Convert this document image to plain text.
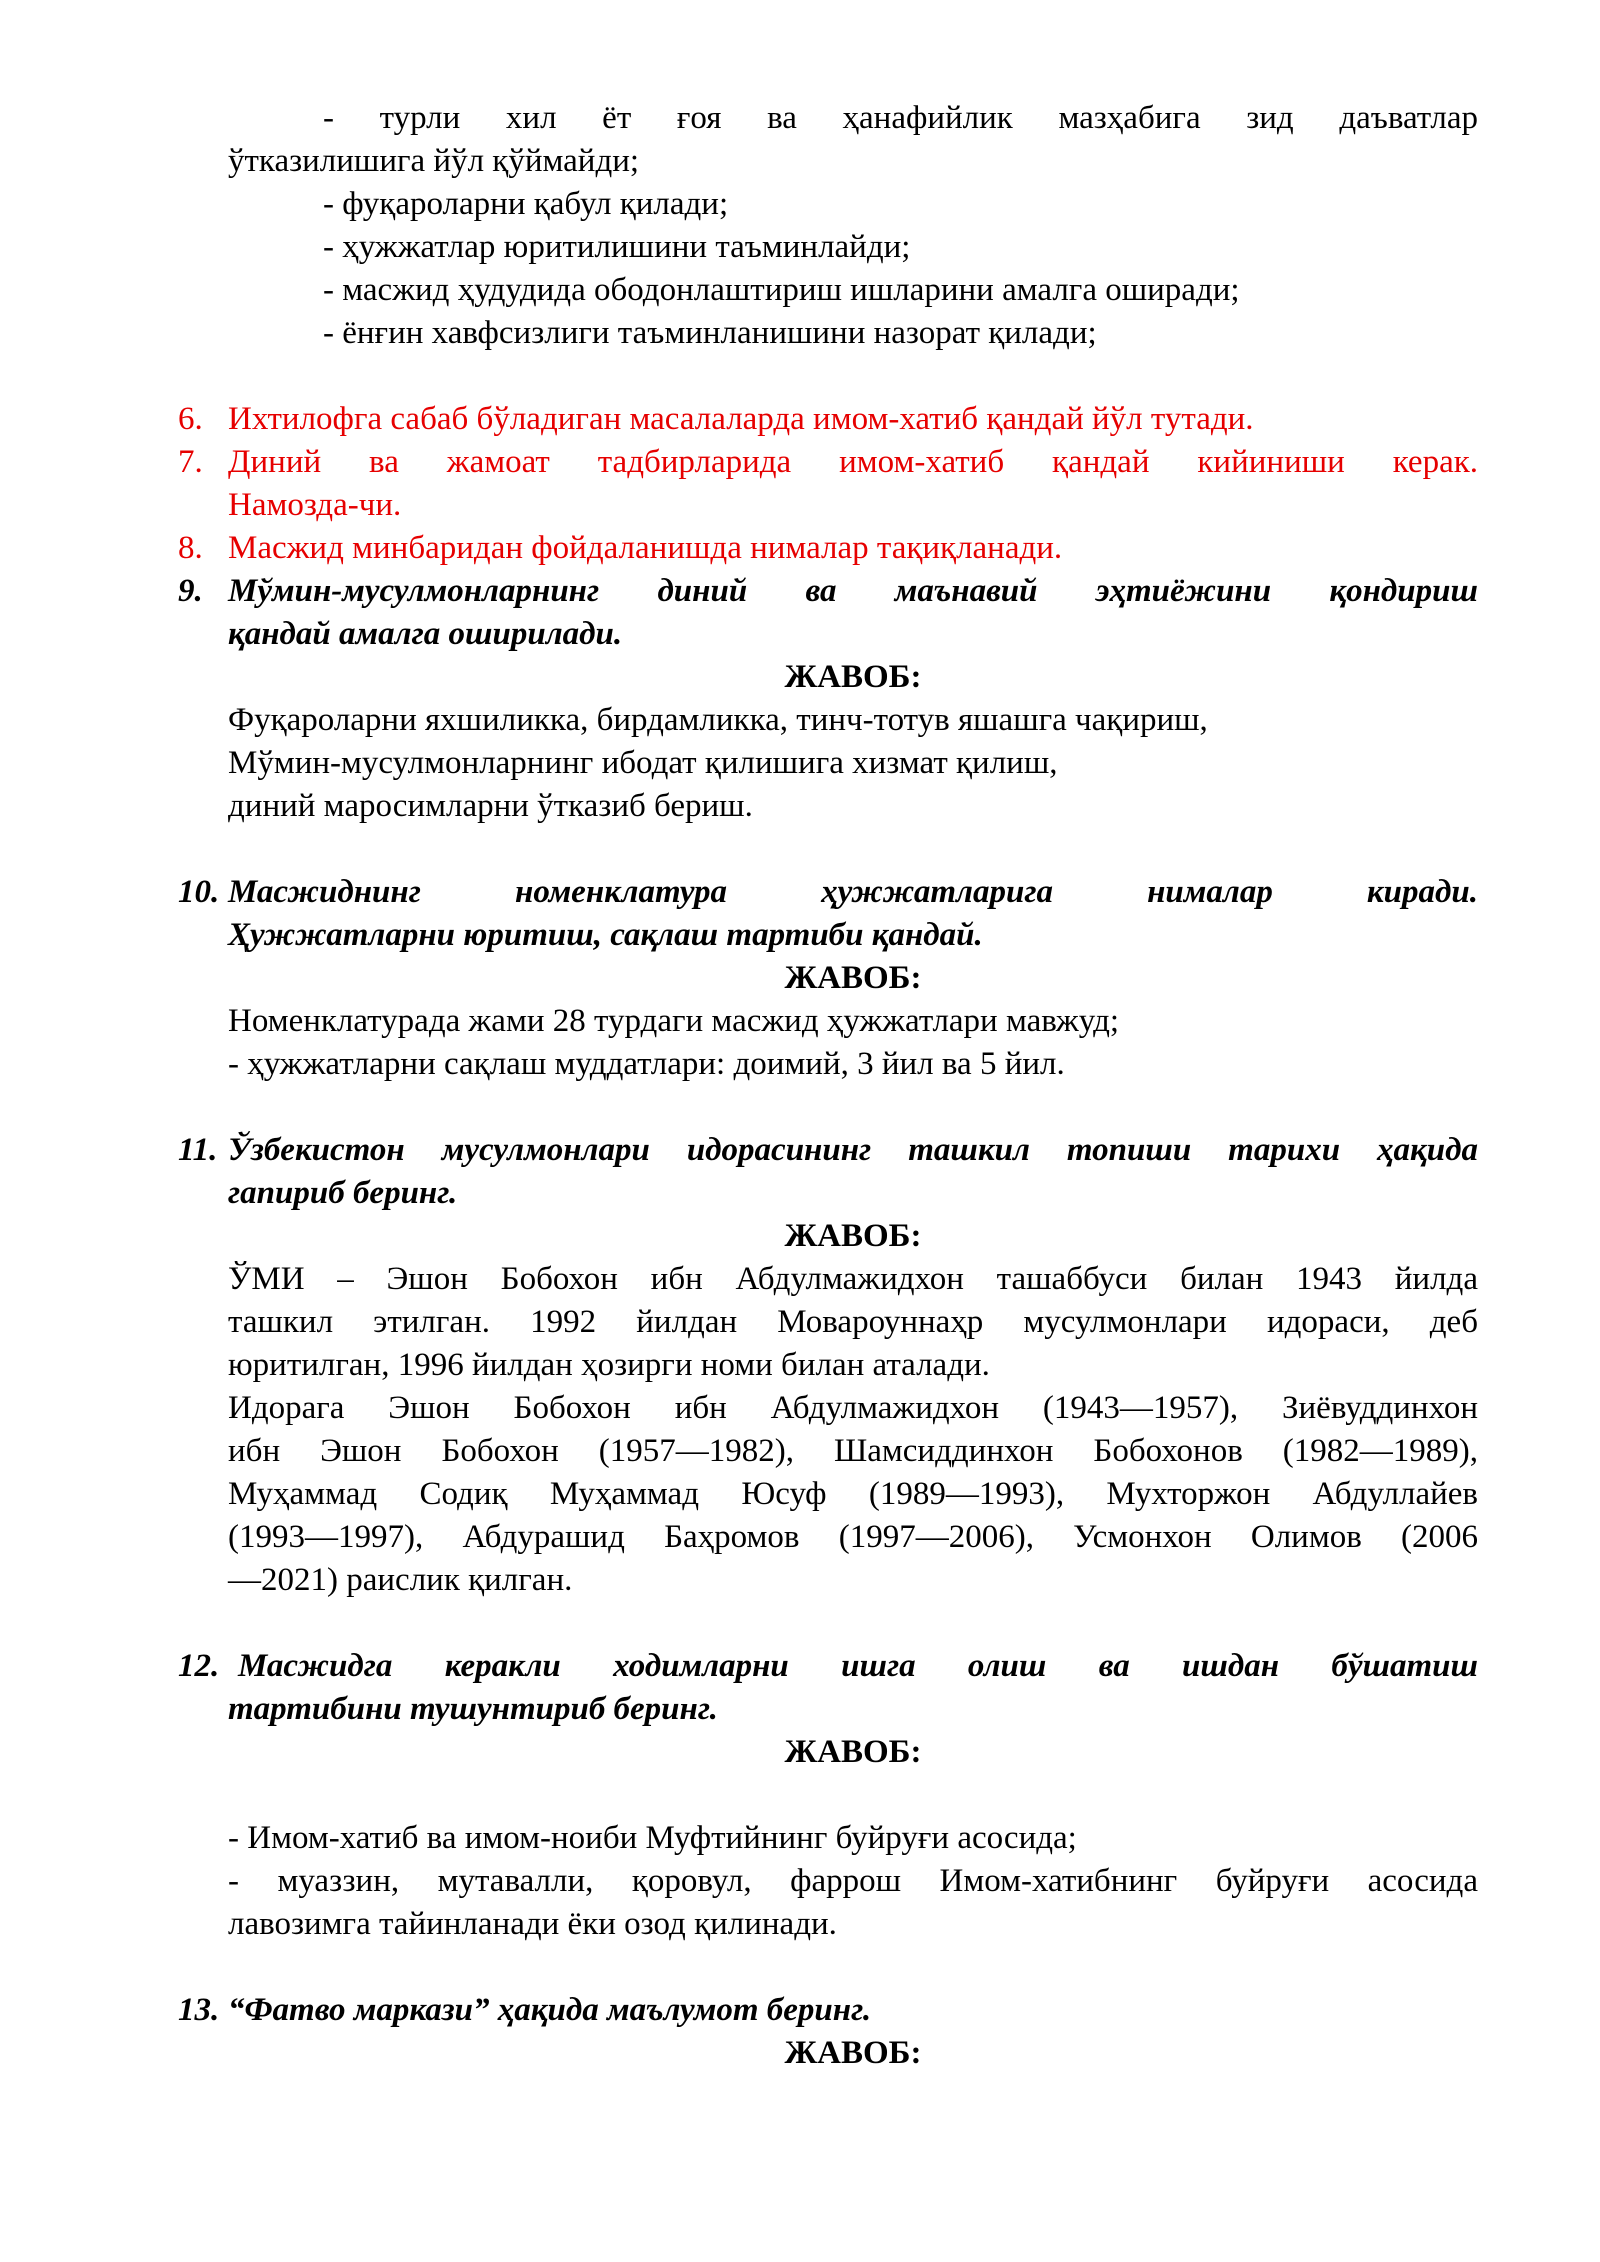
- турли хил ёт ғоя ва ҳанафийлик мазҳабига зид даъватлар
ўтказилишига йўл қўймайди;
- фуқароларни қабул қилади;
- ҳужжатлар юритилишини таъминлайди;
- масжид ҳудудида ободонлаштириш ишларини амалга оширади;
- ёнғин хавфсизлиги таъминланишини назорат қилади;
6. Ихтилофга сабаб бўладиган масалаларда имом-хатиб қандай йўл тутади.
7. Диний ва жамоат тадбирларида имом-хатиб қандай кийиниши керак.
Намозда-чи.
8. Масжид минбаридан фойдаланишда нималар тақиқланади.
9. Мўмин-мусулмонларнинг диний ва маънавий эҳтиёжини қондириш
қандай амалга оширилади.
ЖАВОБ:
Фуқароларни яхшиликка, бирдамликка, тинч-тотув яшашга чақириш,
Мўмин-мусулмонларнинг ибодат қилишига хизмат қилиш,
диний маросимларни ўтказиб бериш.
10. Масжиднинг номенклатура ҳужжатларига нималар киради.
Ҳужжатларни юритиш, сақлаш тартиби қандай.
ЖАВОБ:
Номенклатурада жами 28 турдаги масжид ҳужжатлари мавжуд;
- ҳужжатларни сақлаш муддатлари: доимий, 3 йил ва 5 йил.
11. Ўзбекистон мусулмонлари идорасининг ташкил топиши тарихи ҳақида
гапириб беринг.
ЖАВОБ:
ЎМИ – Эшон Бобохон ибн Абдулмажидхон ташаббуси билан 1943 йилда
ташкил этилган. 1992 йилдан Мовароуннаҳр мусулмонлари идораси, деб
юритилган, 1996 йилдан ҳозирги номи билан аталади.
Идорага Эшон Бобохон ибн Абдулмажидхон (1943—1957), Зиёвуддинхон
ибн Эшон Бобохон (1957—1982), Шамсиддинхон Бобохонов (1982—1989),
Муҳаммад Содиқ Муҳаммад Юсуф (1989—1993), Мухторжон Абдуллайев
(1993—1997), Абдурашид Баҳромов (1997—2006), Усмонхон Олимов (2006
—2021) раислик қилган.
12. Масжидга керакли ходимларни ишга олиш ва ишдан бўшатиш
тартибини тушунтириб беринг.
ЖАВОБ:
- Имом-хатиб ва имом-ноиби Муфтийнинг буйруғи асосида;
- муаззин, мутавалли, қоровул, фаррош Имом-хатибнинг буйруғи асосида
лавозимга тайинланади ёки озод қилинади.
13. “Фатво маркази” ҳақида маълумот беринг.
ЖАВОБ:
